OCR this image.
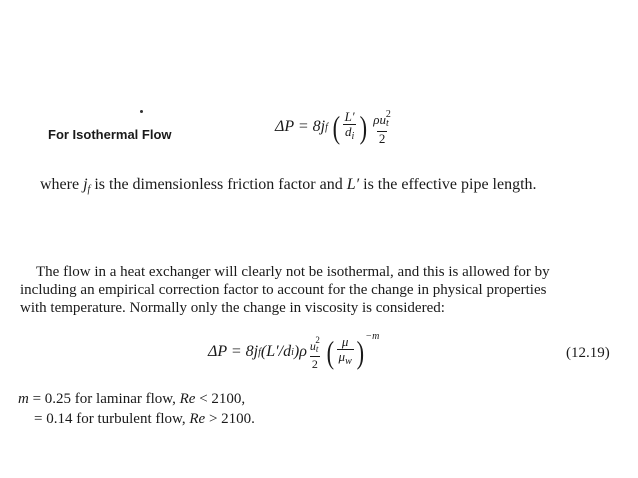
For Isothermal Flow	ΔP = 8 j f ( $\frac{L'}{d_i}$ ) $\frac{\rho u_t^2}{2}$
where $j_f$ is the dimensionless friction factor and L′ is the effective pipe length.
The flow in a heat exchanger will clearly not be isothermal, and this is allowed for by
including an empirical correction factor to account for the change in physical properties
with temperature. Normally only the change in viscosity is considered:
ΔP = 8 j f (L′/d i )$\rho \frac{u_t^2}{2}$ ( $\frac{\mu}{\mu_w}$ ) −m
(12.19)
m = 0.25 for laminar flow, Re < 2100,
= 0.14 for turbulent flow, Re > 2100.
